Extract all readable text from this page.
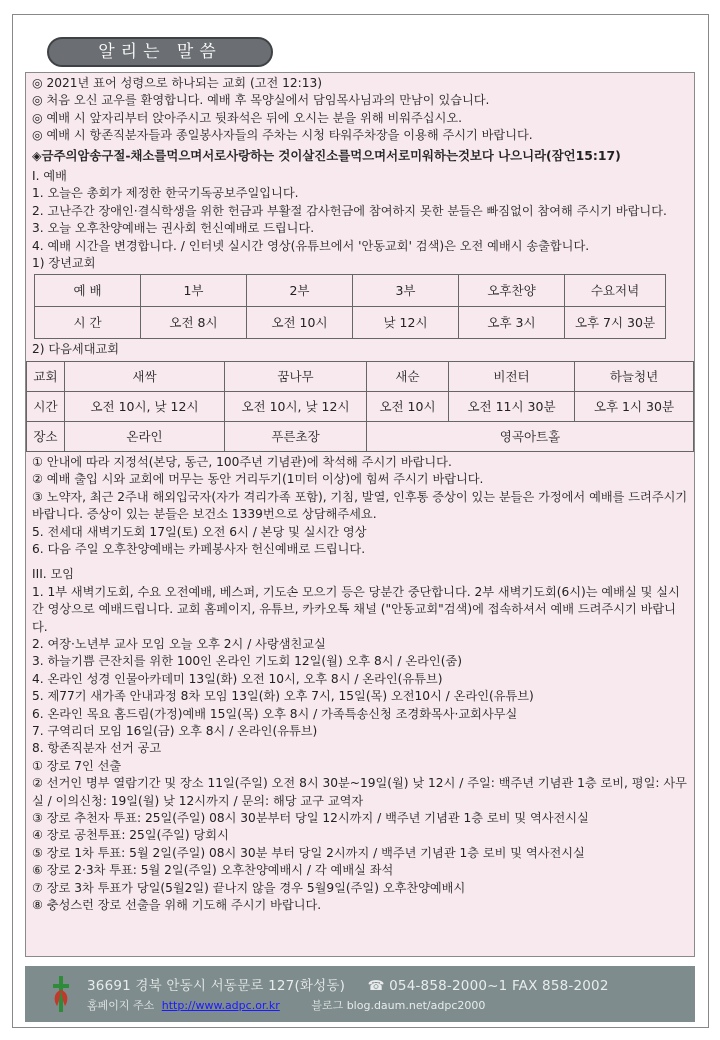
알리는 말씀

◎ 2021년 표어 성령으로 하나되는 교회 (고전 12:13)

◎ 처음 오신 교우를 환영합니다. 예배 후 목양실에서 담임목사님과의 만남이 있습니다.

◎ 예배 시 앞자리부터 앉아주시고 뒷좌석은 뒤에 오시는 분을 위해 비워주십시오.

◎ 예배 시 항존직분자들과 종일봉사자들의 주차는 시청 타워주차장을 이용해 주시기 바랍니다.

◈금주의암송구절-채소를먹으며서로사랑하는 것이살진소를먹으며서로미워하는것보다 나으니라(잠언15:17)

I. 예배

1. 오늘은 총회가 제정한 한국기독공보주일입니다.

2. 고난주간 장애인·결식학생을 위한 헌금과 부활절 감사헌금에 참여하지 못한 분들은 빠짐없이 참여해 주시기 바랍니다.

3. 오늘 오후찬양예배는 권사회 헌신예배로 드립니다.

4. 예배 시간을 변경합니다. / 인터넷 실시간 영상(유튜브에서 '안동교회' 검색)은 오전 예배시 송출합니다.

1) 장년교회

예 배	1부	2부	3부	오후찬양	수요저녁
시 간	오전 8시	오전 10시	낮 12시	오후 3시	오후 7시 30분

2) 다음세대교회

교회	새싹	꿈나무	새순	비전터	하늘청년
시간	오전 10시, 낮 12시	오전 10시, 낮 12시	오전 10시	오전 11시 30분	오후 1시 30분
장소	온라인	푸른초장	영곡아트홀		

① 안내에 따라 지정석(본당, 동근, 100주년 기념관)에 착석해 주시기 바랍니다.

② 예배 출입 시와 교회에 머무는 동안 거리두기(1미터 이상)에 힘써 주시기 바랍니다.

③ 노약자, 최근 2주내 해외입국자(자가 격리가족 포함), 기침, 발열, 인후통 증상이 있는 분들은 가정에서 예배를 드려주시기 바랍니다. 증상이 있는 분들은 보건소 1339번으로 상담해주세요.

5. 전세대 새벽기도회 17일(토) 오전 6시 / 본당 및 실시간 영상

6. 다음 주일 오후찬양예배는 카페봉사자 헌신예배로 드립니다.

III. 모임

1. 1부 새벽기도회, 수요 오전예배, 베스퍼, 기도손 모으기 등은 당분간 중단합니다. 2부 새벽기도회(6시)는 예배실 및 실시간 영상으로 예배드립니다. 교회 홈페이지, 유튜브, 카카오톡 채널 ("안동교회"검색)에 접속하셔서 예배 드려주시기 바랍니다.

2. 여장·노년부 교사 모임 오늘 오후 2시 / 사랑샘친교실

3. 하늘기쁨 큰잔치를 위한 100인 온라인 기도회 12일(월) 오후 8시 / 온라인(줌)

4. 온라인 성경 인물아카데미 13일(화) 오전 10시, 오후 8시 / 온라인(유튜브)

5. 제77기 새가족 안내과정 8차 모임 13일(화) 오후 7시, 15일(목) 오전10시 / 온라인(유튜브)

6. 온라인 목요 홈드림(가정)예배 15일(목) 오후 8시 / 가족특송신청 조경화목사·교회사무실

7. 구역리더 모임 16일(금) 오후 8시 / 온라인(유튜브)

8. 항존직분자 선거 공고

① 장로 7인 선출

② 선거인 명부 열람기간 및 장소 11일(주일) 오전 8시 30분~19일(월) 낮 12시 / 주일: 백주년 기념관 1층 로비, 평일: 사무실 / 이의신청: 19일(월) 낮 12시까지 / 문의: 해당 교구 교역자

③ 장로 추천자 투표: 25일(주일) 08시 30분부터 당일 12시까지 / 백주년 기념관 1층 로비 및 역사전시실

④ 장로 공천투표: 25일(주일) 당회시

⑤ 장로 1차 투표: 5월 2일(주일) 08시 30분 부터 당일 2시까지 / 백주년 기념관 1층 로비 및 역사전시실

⑥ 장로 2·3차 투표: 5월 2일(주일) 오후찬양예배시 / 각 예배실 좌석

⑦ 장로 3차 투표가 당일(5월2일) 끝나지 않을 경우 5월9일(주일) 오후찬양예배시

⑧ 충성스런 장로 선출을 위해 기도해 주시기 바랍니다.

36691 경북 안동시 서동문로 127(화성동) ☎ 054-858-2000~1 FAX 858-2002
홈페이지 주소 http://www.adpc.or.kr	블로그 blog.daum.net/adpc2000
